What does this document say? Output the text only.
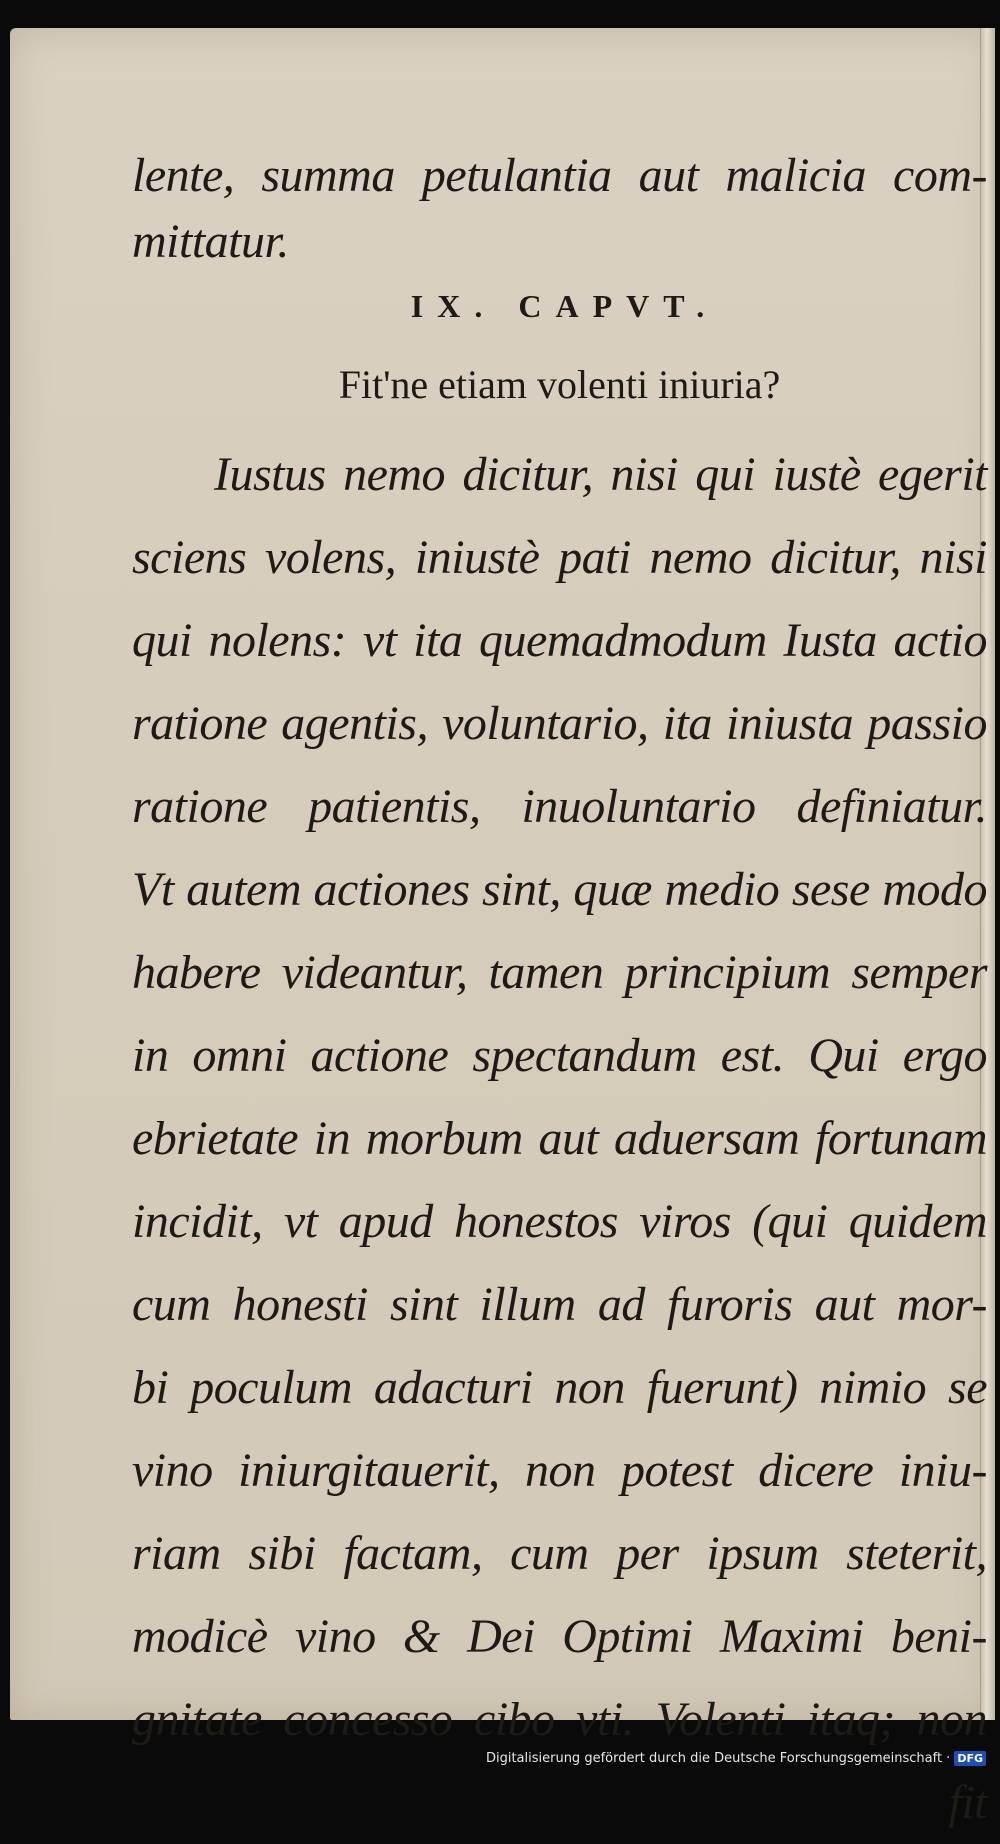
lente, summa petulantia aut malicia com-
mittatur.
IX. CAPVT.
Fit'ne etiam volenti iniuria?
Iustus nemo dicitur, nisi qui iustè egerit
sciens volens, iniustè pati nemo dicitur, nisi
qui nolens: vt ita quemadmodum Iusta actio
ratione agentis, voluntario, ita iniusta passio
ratione patientis, inuoluntario definiatur.
Vt autem actiones sint, quæ medio sese modo
habere videantur, tamen principium semper
in omni actione spectandum est. Qui ergo
ebrietate in morbum aut aduersam fortunam
incidit, vt apud honestos viros (qui quidem
cum honesti sint illum ad furoris aut mor-
bi poculum adacturi non fuerunt) nimio se
vino iniurgitauerit, non potest dicere iniu-
riam sibi factam, cum per ipsum steterit,
modicè vino & Dei Optimi Maximi beni-
gnitate concesso cibo vti. Volenti itaq; non
fit
Digitalisierung gefördert durch die Deutsche Forschungsgemeinschaft · DFG
